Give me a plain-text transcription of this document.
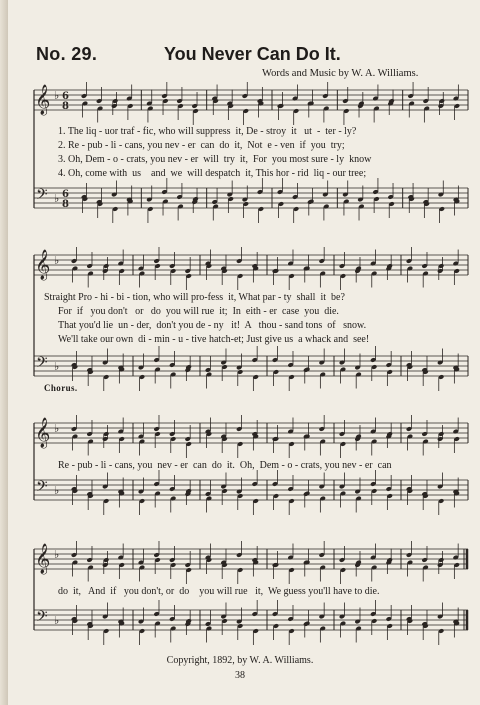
No. 29.	You Never Can Do It.
Words and Music by W. A. Williams.
𝄞
𝄢
♭
♭
6
8
6
8
𝄞
𝄢
♭
♭
𝄞
𝄢
♭
♭
𝄞
𝄢
♭
♭
1. The liq - uor traf - fic, who will suppress  it, De - stroy  it   ut  -  ter - ly?
2. Re - pub - li - cans, you nev - er  can  do  it,  Not  e - ven  if  you  try;
3. Oh, Dem - o - crats, you nev - er  will  try  it,  For  you most sure - ly  know
4. Oh, come with  us    and  we  will despatch  it, This hor - rid  liq - our tree;
Straight Pro - hi - bi - tion, who will pro-fess  it, What par - ty  shall  it  be?
For  if   you don't   or   do  you will rue  it;  In  eith - er  case  you  die.
That you'd lie  un - der,  don't you de - ny   it!  A   thou - sand tons  of   snow.
We'll take our own  di - min - u - tive hatch-et; Just give us  a whack and  see!
Chorus.
Re - pub - li - cans, you  nev - er  can  do  it.  Oh,  Dem - o - crats, you nev - er  can
do  it,   And  if   you don't, or  do    you will rue   it,  We guess you'll have to die.
Copyright, 1892, by W. A. Williams.
38
